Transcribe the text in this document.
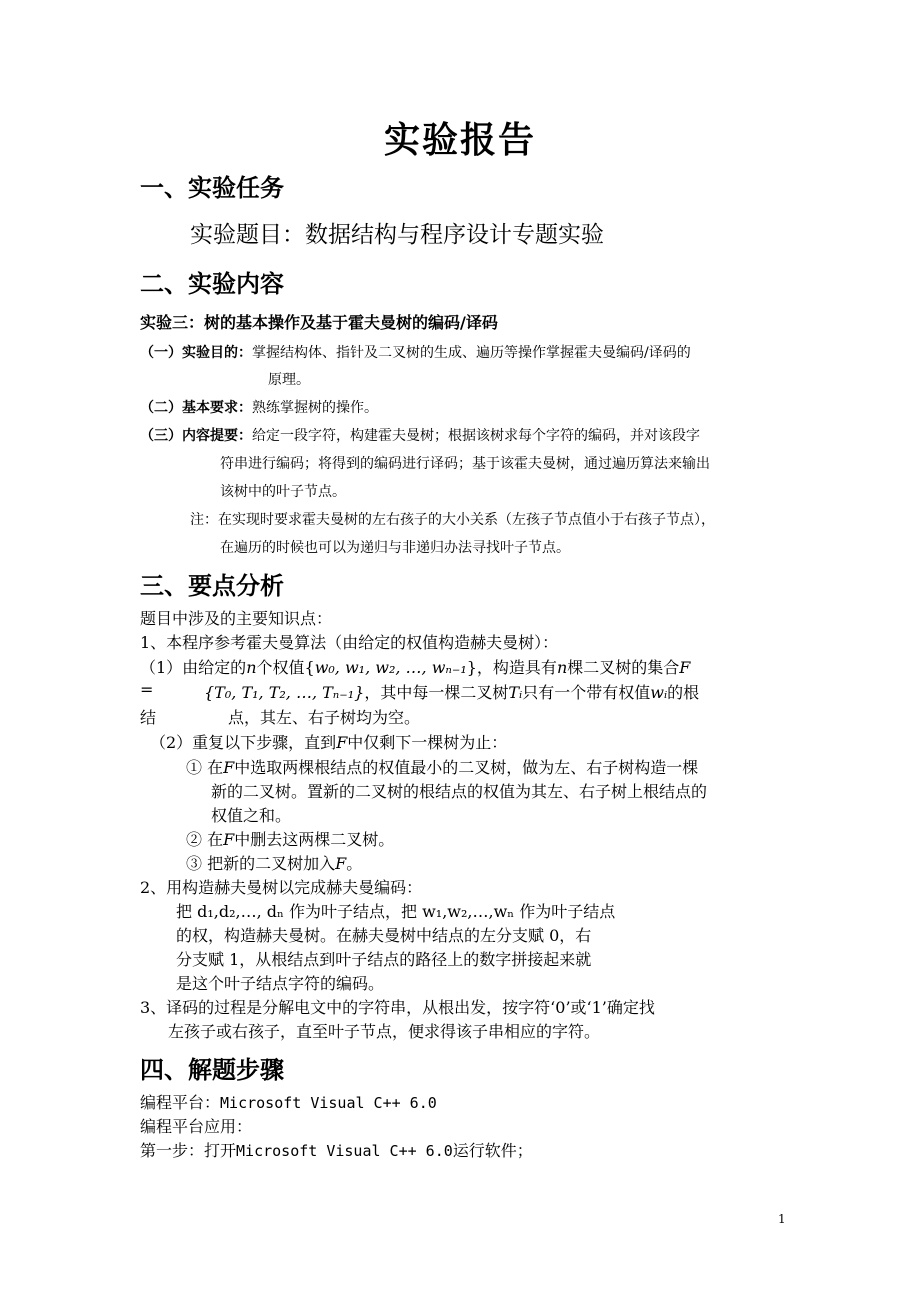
实验报告
一、实验任务
实验题目：数据结构与程序设计专题实验
二、实验内容
实验三：树的基本操作及基于霍夫曼树的编码/译码
（一）实验目的：掌握结构体、指针及二叉树的生成、遍历等操作掌握霍夫曼编码/译码的
原理。
（二）基本要求：熟练掌握树的操作。
（三）内容提要：给定一段字符，构建霍夫曼树；根据该树求每个字符的编码，并对该段字
符串进行编码；将得到的编码进行译码；基于该霍夫曼树，通过遍历算法来输出
该树中的叶子节点。
注：在实现时要求霍夫曼树的左右孩子的大小关系（左孩子节点值小于右孩子节点），
在遍历的时候也可以为递归与非递归办法寻找叶子节点。
三、要点分析
题目中涉及的主要知识点：
1、本程序参考霍夫曼算法（由给定的权值构造赫夫曼树）：
（1）由给定的n个权值{w₀, w₁, w₂, …, wₙ₋₁}，构造具有n棵二叉树的集合F
=	{T₀, T₁, T₂, …, Tₙ₋₁}，其中每一棵二叉树Tᵢ只有一个带有权值wᵢ的根
结	点，其左、右子树均为空。
（2）重复以下步骤，直到F中仅剩下一棵树为止：
① 在F中选取两棵根结点的权值最小的二叉树，做为左、右子树构造一棵
新的二叉树。置新的二叉树的根结点的权值为其左、右子树上根结点的
权值之和。
② 在F中删去这两棵二叉树。
③ 把新的二叉树加入F。
2、用构造赫夫曼树以完成赫夫曼编码：
把 d₁,d₂,…, dₙ 作为叶子结点，把 w₁,w₂,…,wₙ 作为叶子结点
的权，构造赫夫曼树。在赫夫曼树中结点的左分支赋 0，右
分支赋 1，从根结点到叶子结点的路径上的数字拼接起来就
是这个叶子结点字符的编码。
3、译码的过程是分解电文中的字符串，从根出发，按字符‘0’或‘1’确定找
左孩子或右孩子，直至叶子节点，便求得该子串相应的字符。
四、解题步骤
编程平台：Microsoft Visual C++ 6.0
编程平台应用：
第一步：打开Microsoft Visual C++ 6.0运行软件；
1
